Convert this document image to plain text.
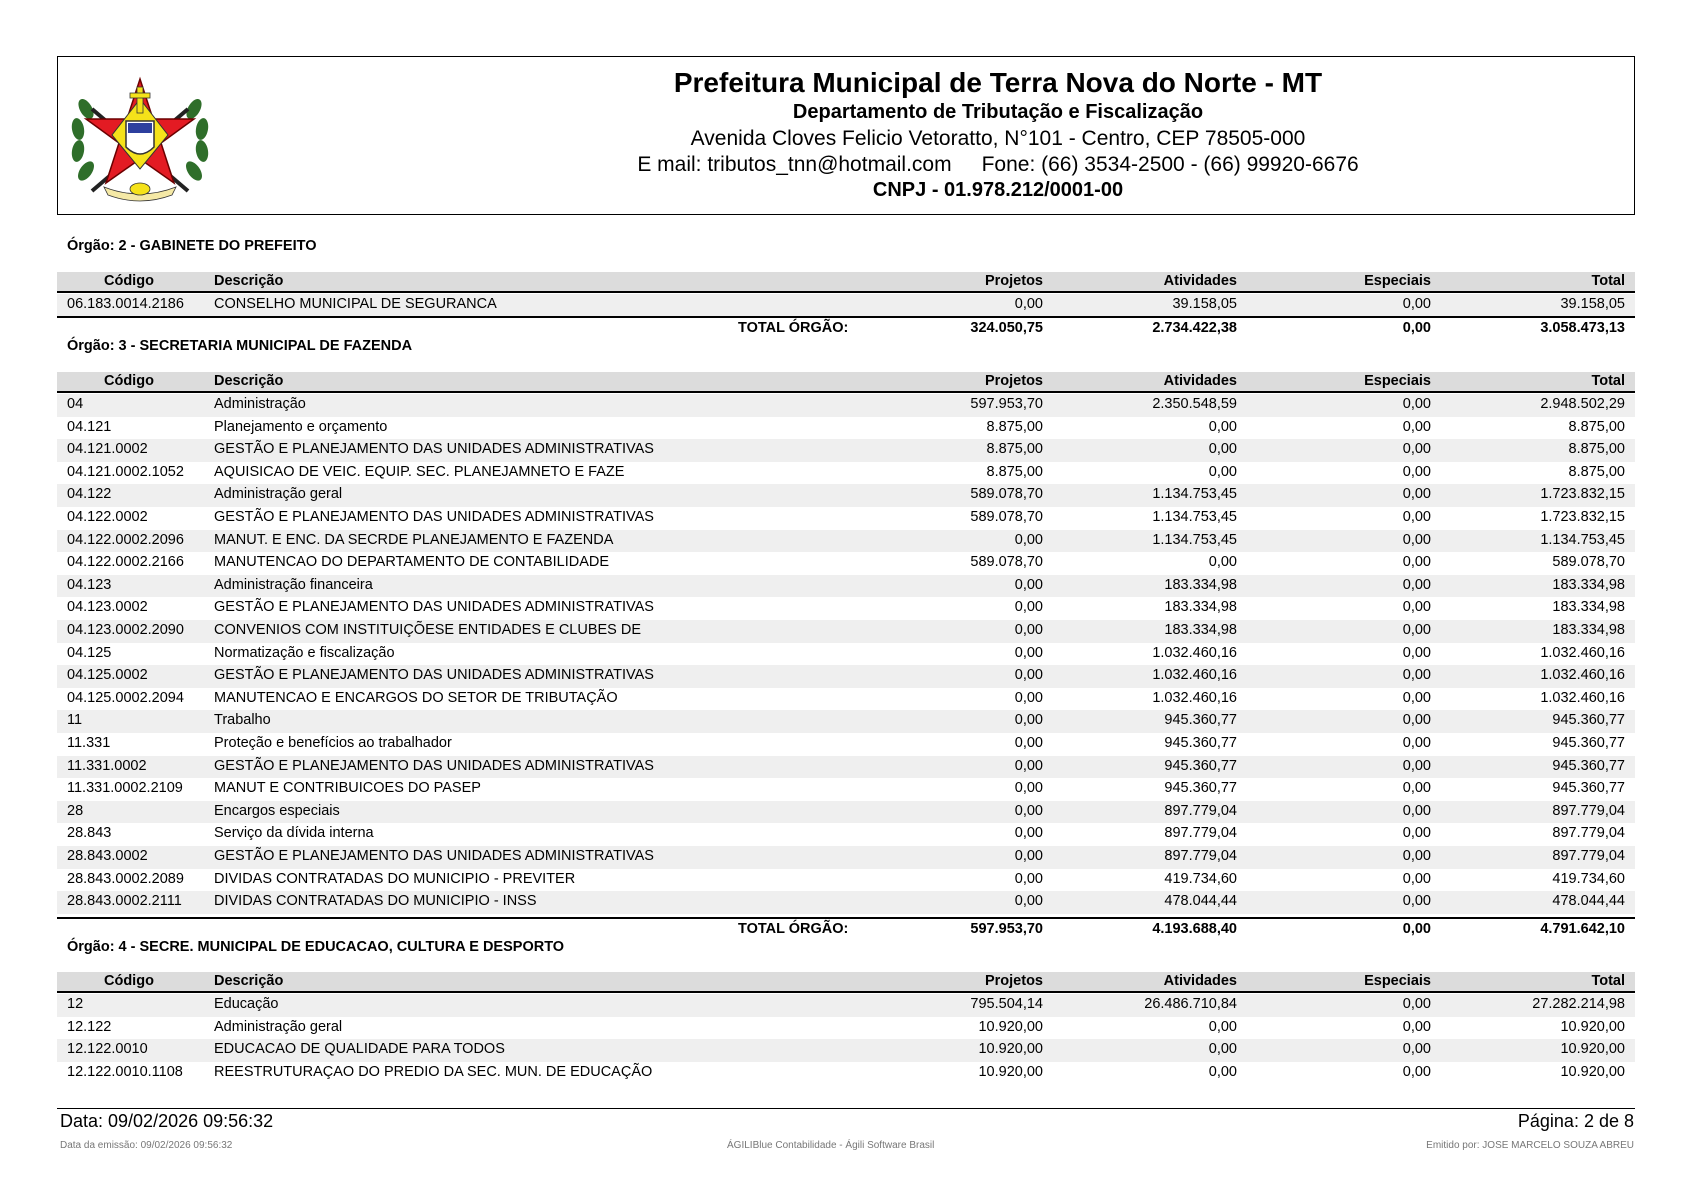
Prefeitura Municipal de Terra Nova do Norte - MT
Departamento de Tributação e Fiscalização
Avenida Cloves Felicio Vetoratto, N°101 - Centro, CEP 78505-000
E mail: tributos_tnn@hotmail.com Fone: (66) 3534-2500 - (66) 99920-6676
CNPJ - 01.978.212/0001-00
Órgão: 2 - GABINETE DO PREFEITO
Código	Descrição	Projetos	Atividades	Especiais	Total
06.183.0014.2186 CONSELHO MUNICIPAL DE SEGURANCA	0,00	39.158,05	0,00	39.158,05
TOTAL ÓRGÃO:	324.050,75	2.734.422,38	0,00	3.058.473,13
Órgão: 3 - SECRETARIA MUNICIPAL DE FAZENDA
Código	Descrição	Projetos	Atividades	Especiais	Total
04	Administração	597.953,70	2.350.548,59	0,00	2.948.502,29
04.121	Planejamento e orçamento	8.875,00	0,00	0,00	8.875,00
04.121.0002	GESTÃO E PLANEJAMENTO DAS UNIDADES ADMINISTRATIVAS	8.875,00	0,00	0,00	8.875,00
04.121.0002.1052 AQUISICAO DE VEIC. EQUIP. SEC. PLANEJAMNETO E FAZE	8.875,00	0,00	0,00	8.875,00
04.122	Administração geral	589.078,70	1.134.753,45	0,00	1.723.832,15
04.122.0002	GESTÃO E PLANEJAMENTO DAS UNIDADES ADMINISTRATIVAS	589.078,70	1.134.753,45	0,00	1.723.832,15
04.122.0002.2096 MANUT. E ENC. DA SECRDE PLANEJAMENTO E FAZENDA	0,00	1.134.753,45	0,00	1.134.753,45
04.122.0002.2166 MANUTENCAO DO DEPARTAMENTO DE CONTABILIDADE	589.078,70	0,00	0,00	589.078,70
04.123	Administração financeira	0,00	183.334,98	0,00	183.334,98
04.123.0002	GESTÃO E PLANEJAMENTO DAS UNIDADES ADMINISTRATIVAS	0,00	183.334,98	0,00	183.334,98
04.123.0002.2090 CONVENIOS COM INSTITUIÇÕESE ENTIDADES E CLUBES DE	0,00	183.334,98	0,00	183.334,98
04.125	Normatização e fiscalização	0,00	1.032.460,16	0,00	1.032.460,16
04.125.0002	GESTÃO E PLANEJAMENTO DAS UNIDADES ADMINISTRATIVAS	0,00	1.032.460,16	0,00	1.032.460,16
04.125.0002.2094 MANUTENCAO E ENCARGOS DO SETOR DE TRIBUTAÇÃO	0,00	1.032.460,16	0,00	1.032.460,16
11	Trabalho	0,00	945.360,77	0,00	945.360,77
11.331	Proteção e benefícios ao trabalhador	0,00	945.360,77	0,00	945.360,77
11.331.0002	GESTÃO E PLANEJAMENTO DAS UNIDADES ADMINISTRATIVAS	0,00	945.360,77	0,00	945.360,77
11.331.0002.2109 MANUT E CONTRIBUICOES DO PASEP	0,00	945.360,77	0,00	945.360,77
28	Encargos especiais	0,00	897.779,04	0,00	897.779,04
28.843	Serviço da dívida interna	0,00	897.779,04	0,00	897.779,04
28.843.0002	GESTÃO E PLANEJAMENTO DAS UNIDADES ADMINISTRATIVAS	0,00	897.779,04	0,00	897.779,04
28.843.0002.2089 DIVIDAS CONTRATADAS DO MUNICIPIO - PREVITER	0,00	419.734,60	0,00	419.734,60
28.843.0002.2111 DIVIDAS CONTRATADAS DO MUNICIPIO - INSS	0,00	478.044,44	0,00	478.044,44
TOTAL ÓRGÃO:	597.953,70	4.193.688,40	0,00	4.791.642,10
Órgão: 4 - SECRE. MUNICIPAL DE EDUCACAO, CULTURA E DESPORTO
Código	Descrição	Projetos	Atividades	Especiais	Total
12	Educação	795.504,14	26.486.710,84	0,00	27.282.214,98
12.122	Administração geral	10.920,00	0,00	0,00	10.920,00
12.122.0010	EDUCACAO DE QUALIDADE PARA TODOS	10.920,00	0,00	0,00	10.920,00
12.122.0010.1108 REESTRUTURAÇAO DO PREDIO DA SEC. MUN. DE EDUCAÇÃO	10.920,00	0,00	0,00	10.920,00
Data: 09/02/2026 09:56:32	Página: 2 de 8
Data da emissão: 09/02/2026 09:56:32	ÁGILIBlue Contabilidade - Ágili Software Brasil	Emitido por: JOSE MARCELO SOUZA ABREU
